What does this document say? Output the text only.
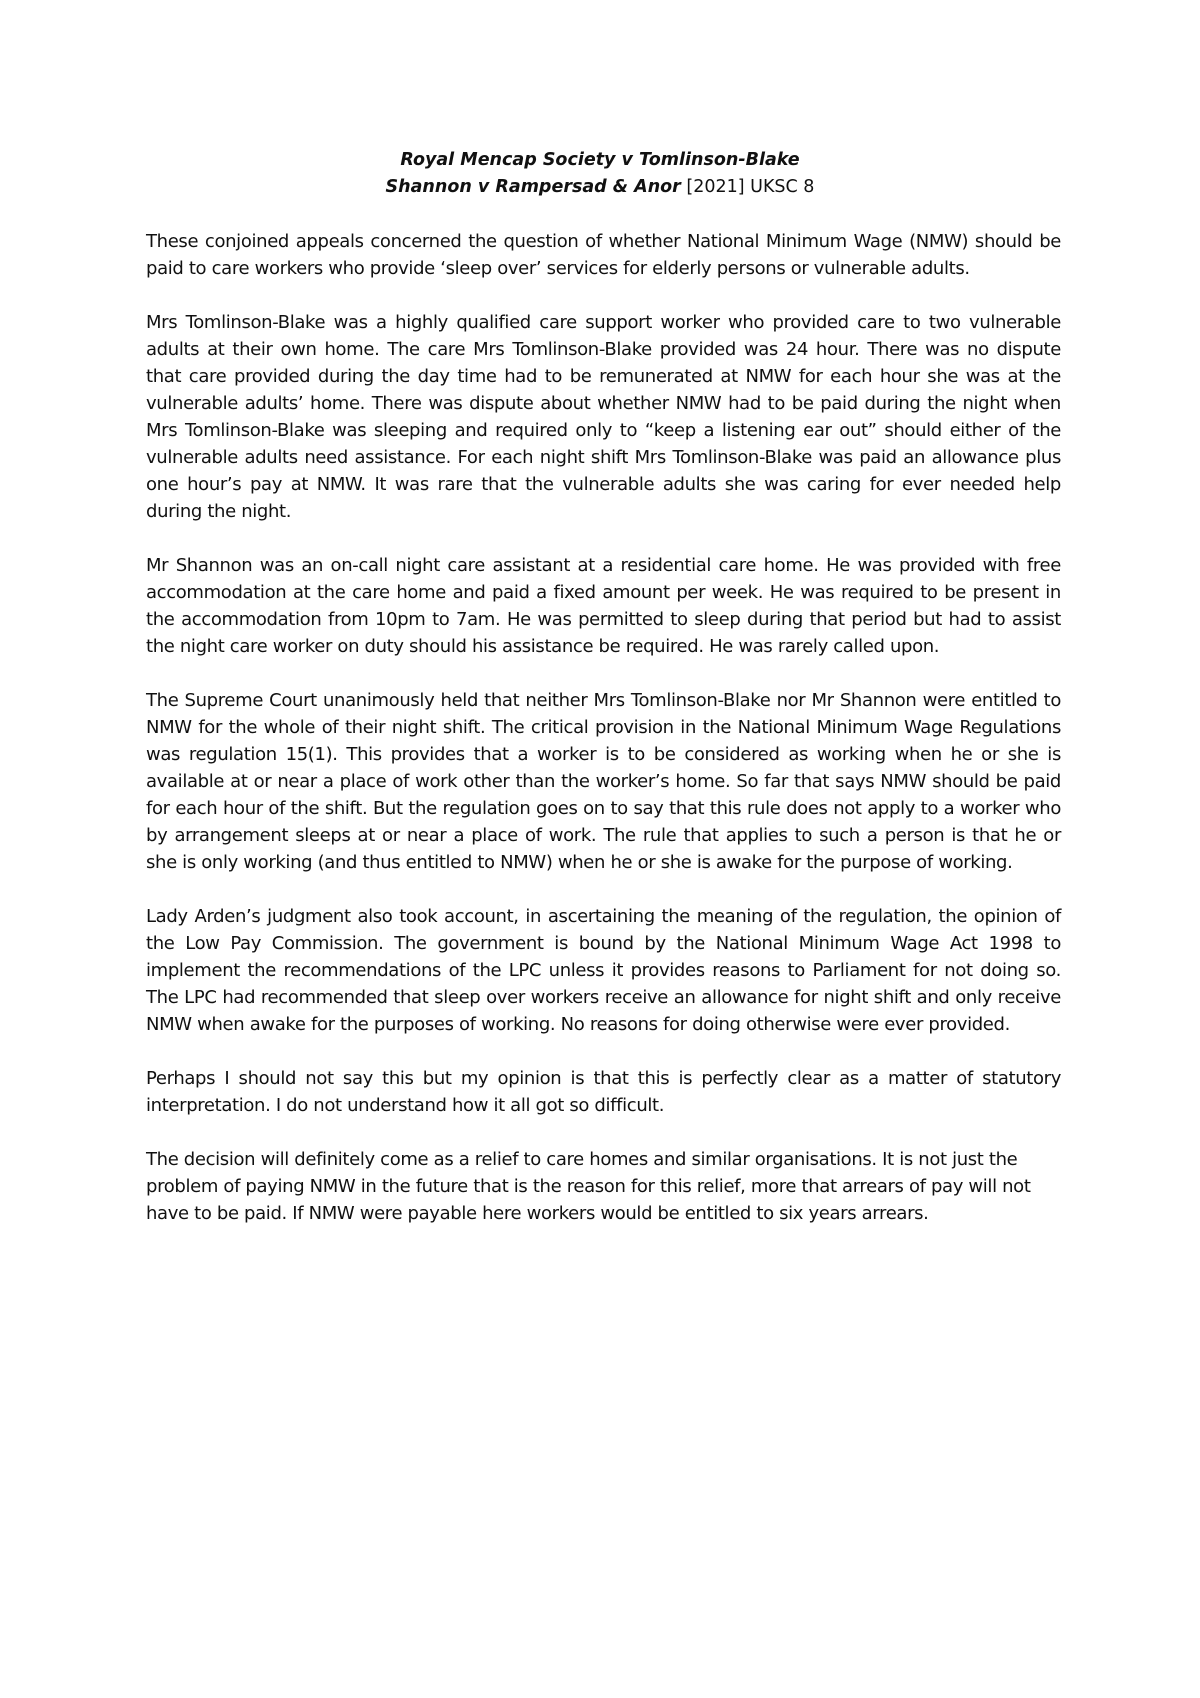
Royal Mencap Society v Tomlinson-Blake
Shannon v Rampersad & Anor [2021] UKSC 8

These conjoined appeals concerned the question of whether National Minimum Wage (NMW) should be paid to care workers who provide ‘sleep over’ services for elderly persons or vulnerable adults.

Mrs Tomlinson-Blake was a highly qualified care support worker who provided care to two vulnerable adults at their own home. The care Mrs Tomlinson-Blake provided was 24 hour. There was no dispute that care provided during the day time had to be remunerated at NMW for each hour she was at the vulnerable adults’ home. There was dispute about whether NMW had to be paid during the night when Mrs Tomlinson-Blake was sleeping and required only to “keep a listening ear out” should either of the vulnerable adults need assistance. For each night shift Mrs Tomlinson-Blake was paid an allowance plus one hour’s pay at NMW. It was rare that the vulnerable adults she was caring for ever needed help during the night.

Mr Shannon was an on-call night care assistant at a residential care home. He was provided with free accommodation at the care home and paid a fixed amount per week. He was required to be present in the accommodation from 10pm to 7am. He was permitted to sleep during that period but had to assist the night care worker on duty should his assistance be required. He was rarely called upon.

The Supreme Court unanimously held that neither Mrs Tomlinson-Blake nor Mr Shannon were entitled to NMW for the whole of their night shift. The critical provision in the National Minimum Wage Regulations was regulation 15(1). This provides that a worker is to be considered as working when he or she is available at or near a place of work other than the worker’s home. So far that says NMW should be paid for each hour of the shift. But the regulation goes on to say that this rule does not apply to a worker who by arrangement sleeps at or near a place of work. The rule that applies to such a person is that he or she is only working (and thus entitled to NMW) when he or she is awake for the purpose of working.

Lady Arden’s judgment also took account, in ascertaining the meaning of the regulation, the opinion of the Low Pay Commission. The government is bound by the National Minimum Wage Act 1998 to implement the recommendations of the LPC unless it provides reasons to Parliament for not doing so. The LPC had recommended that sleep over workers receive an allowance for night shift and only receive NMW when awake for the purposes of working. No reasons for doing otherwise were ever provided.

Perhaps I should not say this but my opinion is that this is perfectly clear as a matter of statutory interpretation. I do not understand how it all got so difficult.

The decision will definitely come as a relief to care homes and similar organisations. It is not just the problem of paying NMW in the future that is the reason for this relief, more that arrears of pay will not have to be paid. If NMW were payable here workers would be entitled to six years arrears.
